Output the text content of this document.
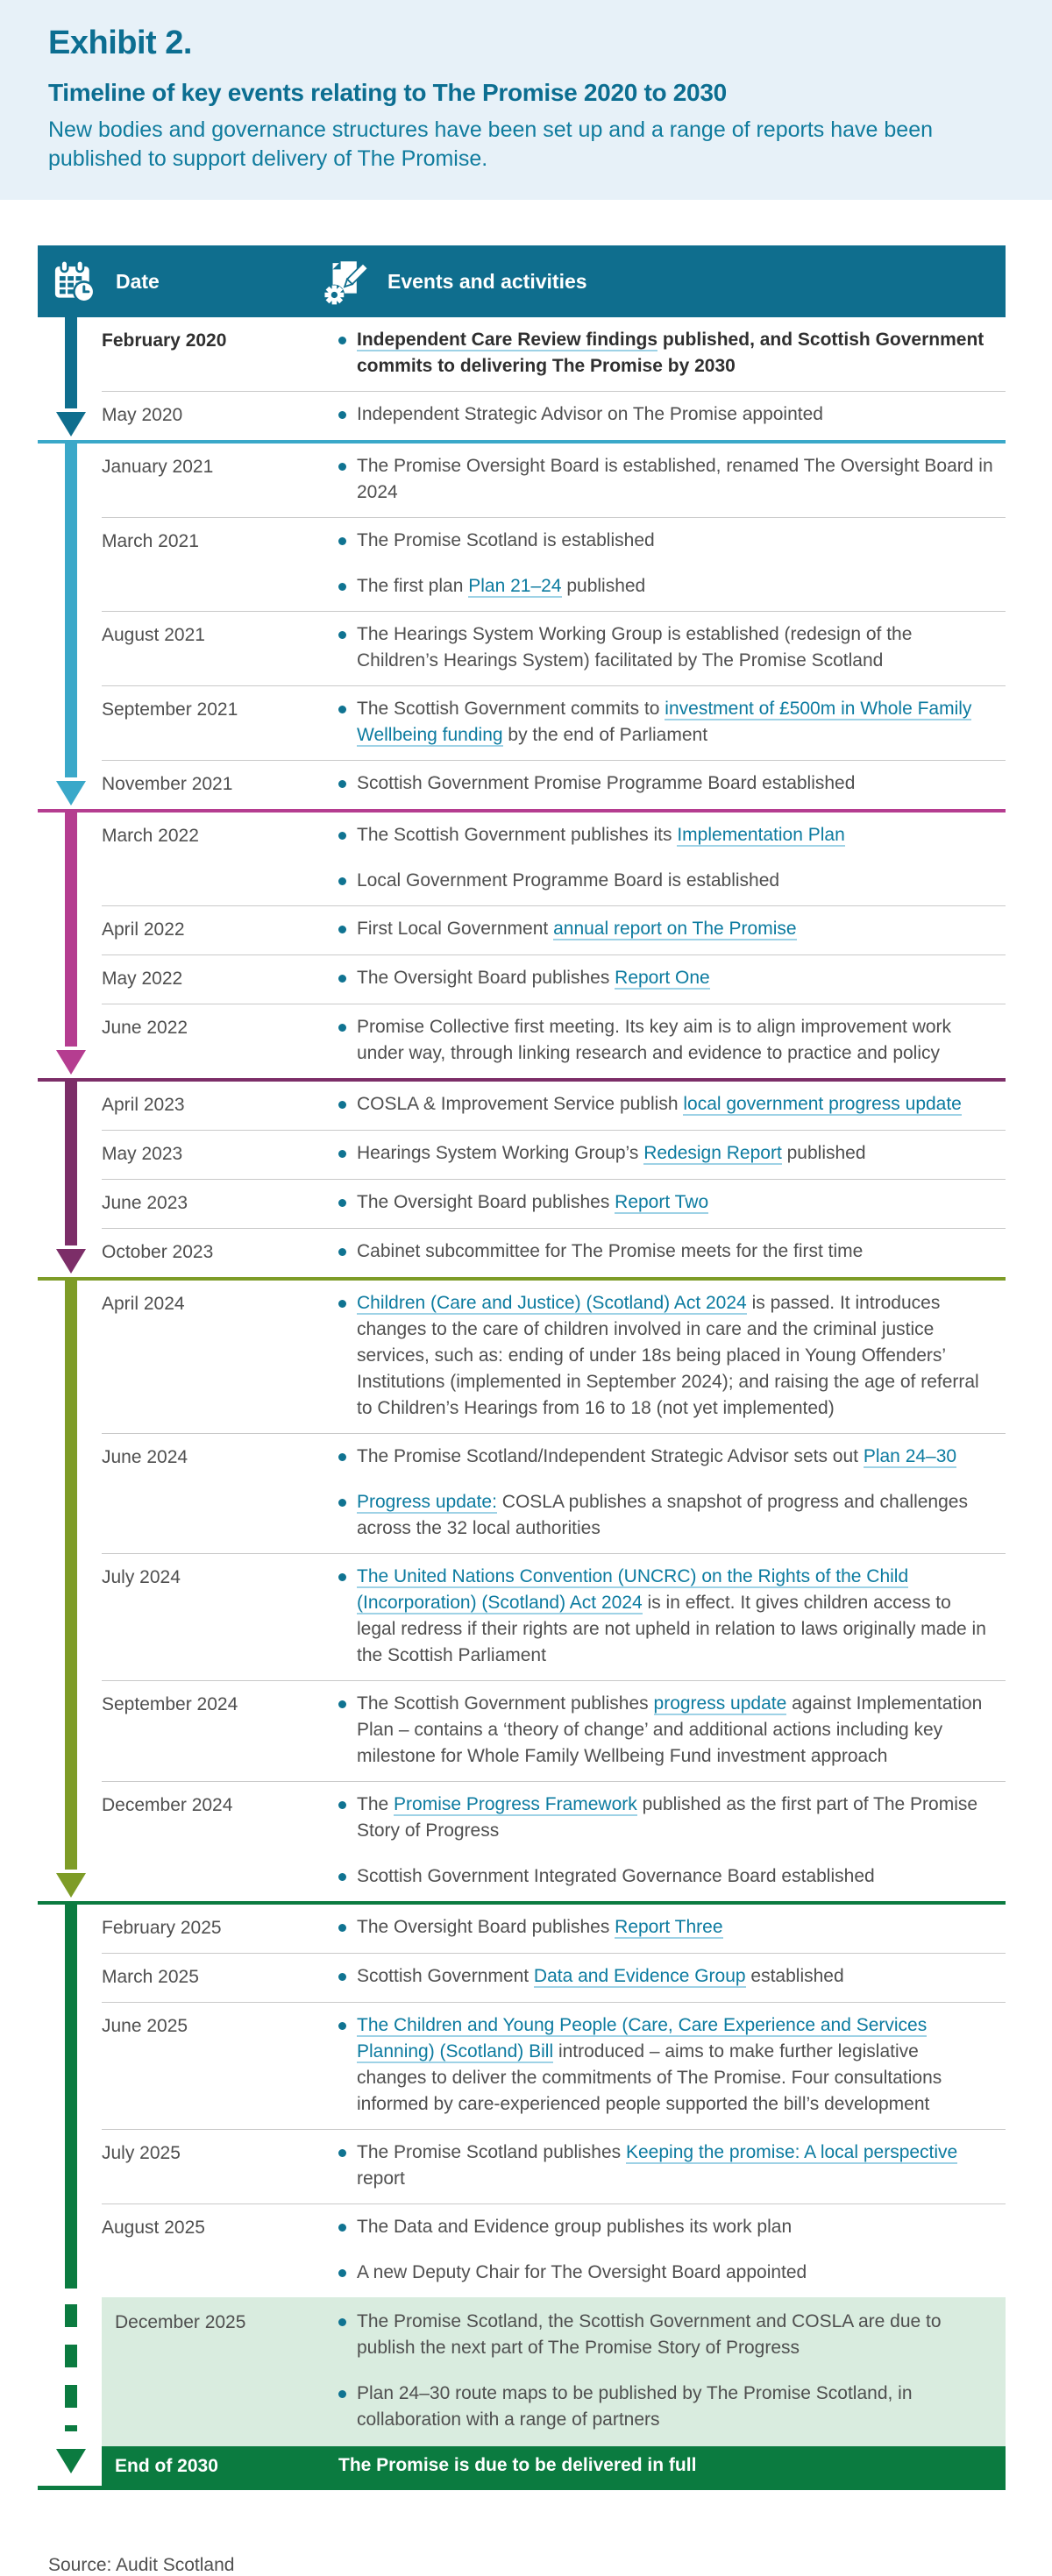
Exhibit 2.
Timeline of key events relating to The Promise 2020 to 2030
New bodies and governance structures have been set up and a range of reports have been published to support delivery of The Promise.
Date	Events and activities
February 2020	Independent Care Review findings published, and Scottish Government commits to delivering The Promise by 2030
May 2020	Independent Strategic Advisor on The Promise appointed
January 2021	The Promise Oversight Board is established, renamed The Oversight Board in 2024
March 2021	The Promise Scotland is established
The first plan Plan 21–24 published
August 2021	The Hearings System Working Group is established (redesign of the Children’s Hearings System) facilitated by The Promise Scotland
September 2021	The Scottish Government commits to investment of £500m in Whole Family Wellbeing funding by the end of Parliament
November 2021	Scottish Government Promise Programme Board established
March 2022	The Scottish Government publishes its Implementation Plan
Local Government Programme Board is established
April 2022	First Local Government annual report on The Promise
May 2022	The Oversight Board publishes Report One
June 2022	Promise Collective first meeting. Its key aim is to align improvement work under way, through linking research and evidence to practice and policy
April 2023	COSLA & Improvement Service publish local government progress update
May 2023	Hearings System Working Group’s Redesign Report published
June 2023	The Oversight Board publishes Report Two
October 2023	Cabinet subcommittee for The Promise meets for the first time
April 2024	Children (Care and Justice) (Scotland) Act 2024 is passed. It introduces changes to the care of children involved in care and the criminal justice services, such as: ending of under 18s being placed in Young Offenders’ Institutions (implemented in September 2024); and raising the age of referral to Children’s Hearings from 16 to 18 (not yet implemented)
June 2024	The Promise Scotland/Independent Strategic Advisor sets out Plan 24–30
Progress update: COSLA publishes a snapshot of progress and challenges across the 32 local authorities
July 2024	The United Nations Convention (UNCRC) on the Rights of the Child (Incorporation) (Scotland) Act 2024 is in effect. It gives children access to legal redress if their rights are not upheld in relation to laws originally made in the Scottish Parliament
September 2024	The Scottish Government publishes progress update against Implementation Plan – contains a ‘theory of change’ and additional actions including key milestone for Whole Family Wellbeing Fund investment approach
December 2024	The Promise Progress Framework published as the first part of The Promise Story of Progress
Scottish Government Integrated Governance Board established
February 2025	The Oversight Board publishes Report Three
March 2025	Scottish Government Data and Evidence Group established
June 2025	The Children and Young People (Care, Care Experience and Services Planning) (Scotland) Bill introduced – aims to make further legislative changes to deliver the commitments of The Promise. Four consultations informed by care-experienced people supported the bill’s development
July 2025	The Promise Scotland publishes Keeping the promise: A local perspective report
August 2025	The Data and Evidence group publishes its work plan
A new Deputy Chair for The Oversight Board appointed
December 2025	The Promise Scotland, the Scottish Government and COSLA are due to publish the next part of The Promise Story of Progress
Plan 24–30 route maps to be published by The Promise Scotland, in collaboration with a range of partners
End of 2030	The Promise is due to be delivered in full
Source: Audit Scotland
